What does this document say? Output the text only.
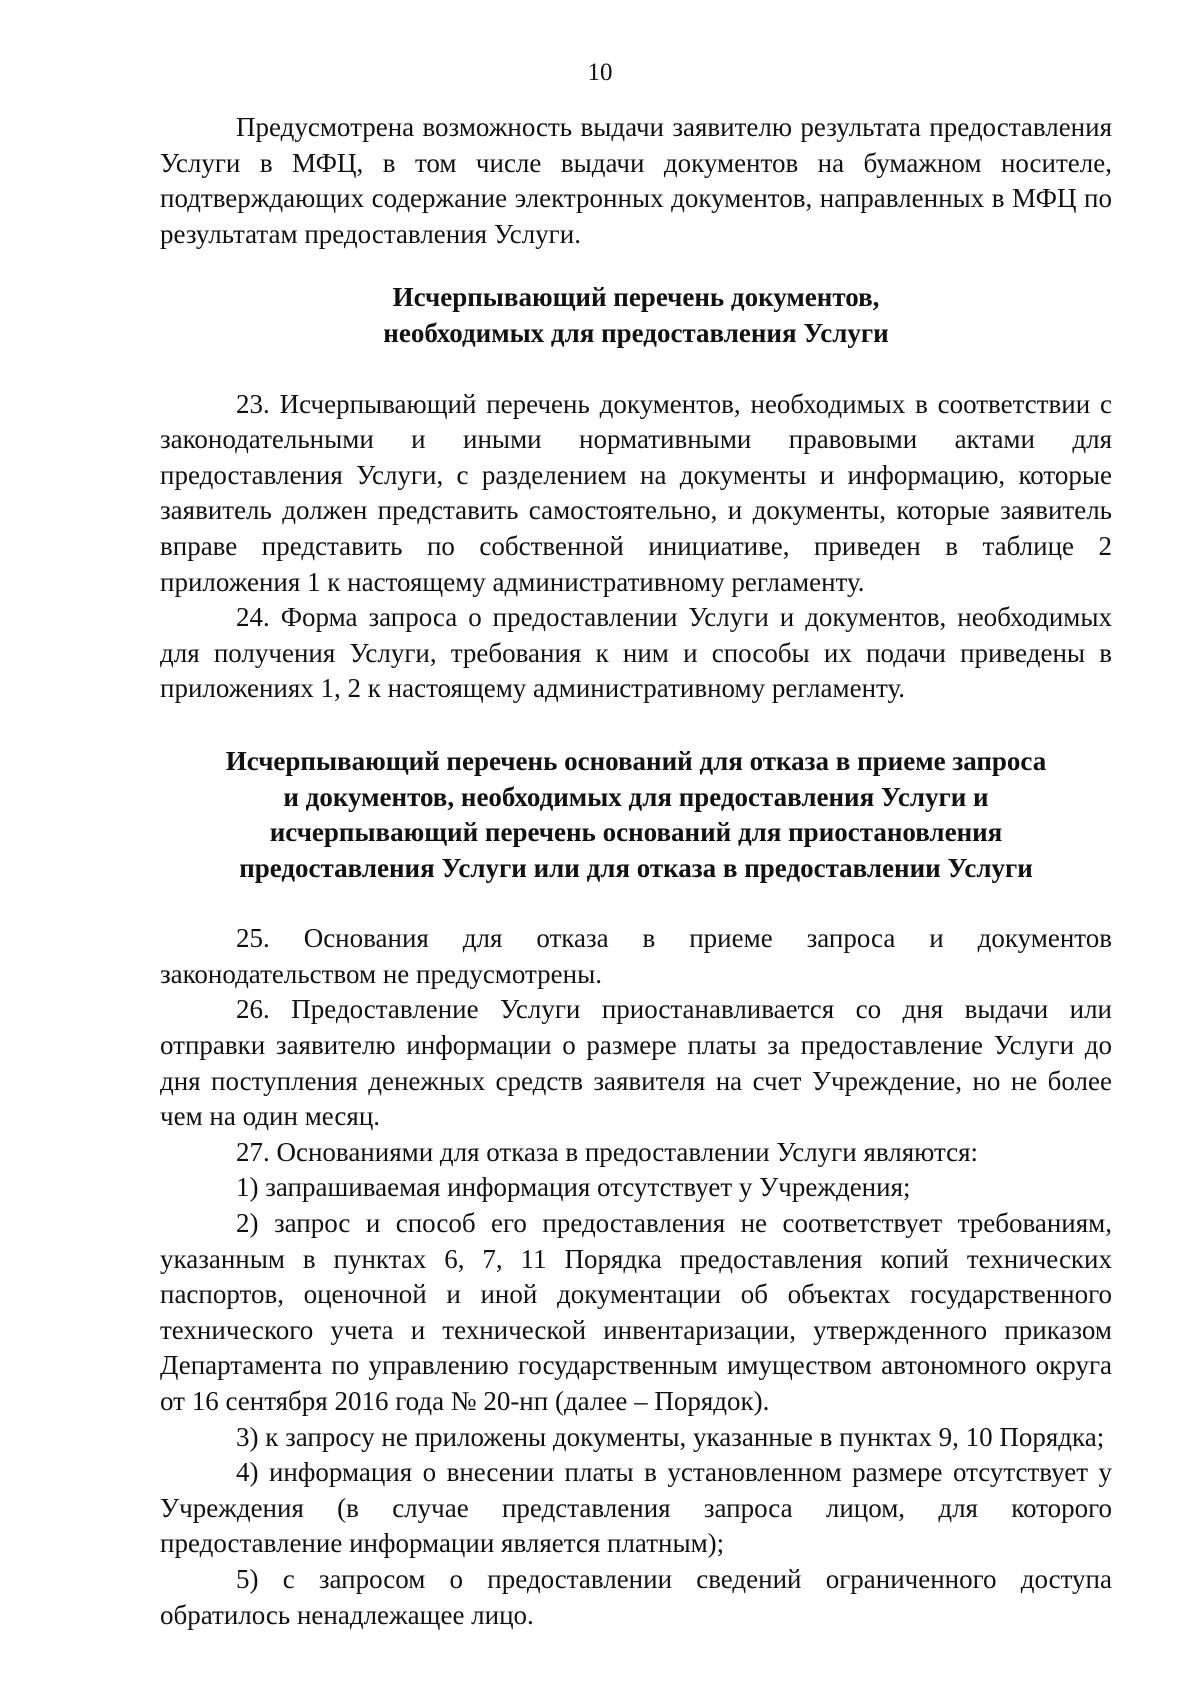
10

Предусмотрена возможность выдачи заявителю результата предоставления Услуги в МФЦ, в том числе выдачи документов на бумажном носителе, подтверждающих содержание электронных документов, направленных в МФЦ по результатам предоставления Услуги.

Исчерпывающий перечень документов,
необходимых для предоставления Услуги

23. Исчерпывающий перечень документов, необходимых в соответствии с законодательными и иными нормативными правовыми актами для предоставления Услуги, с разделением на документы и информацию, которые заявитель должен представить самостоятельно, и документы, которые заявитель вправе представить по собственной инициативе, приведен в таблице 2 приложения 1 к настоящему административному регламенту.

24. Форма запроса о предоставлении Услуги и документов, необходимых для получения Услуги, требования к ним и способы их подачи приведены в приложениях 1, 2 к настоящему административному регламенту.

Исчерпывающий перечень оснований для отказа в приеме запроса
и документов, необходимых для предоставления Услуги и
исчерпывающий перечень оснований для приостановления
предоставления Услуги или для отказа в предоставлении Услуги

25. Основания для отказа в приеме запроса и документов законодательством не предусмотрены.

26. Предоставление Услуги приостанавливается со дня выдачи или отправки заявителю информации о размере платы за предоставление Услуги до дня поступления денежных средств заявителя на счет Учреждение, но не более чем на один месяц.

27. Основаниями для отказа в предоставлении Услуги являются:

1) запрашиваемая информация отсутствует у Учреждения;

2) запрос и способ его предоставления не соответствует требованиям, указанным в пунктах 6, 7, 11 Порядка предоставления копий технических паспортов, оценочной и иной документации об объектах государственного технического учета и технической инвентаризации, утвержденного приказом Департамента по управлению государственным имуществом автономного округа от 16 сентября 2016 года № 20-нп (далее – Порядок).

3) к запросу не приложены документы, указанные в пунктах 9, 10 Порядка;

4) информация о внесении платы в установленном размере отсутствует у Учреждения (в случае представления запроса лицом, для которого предоставление информации является платным);

5) с запросом о предоставлении сведений ограниченного доступа обратилось ненадлежащее лицо.
